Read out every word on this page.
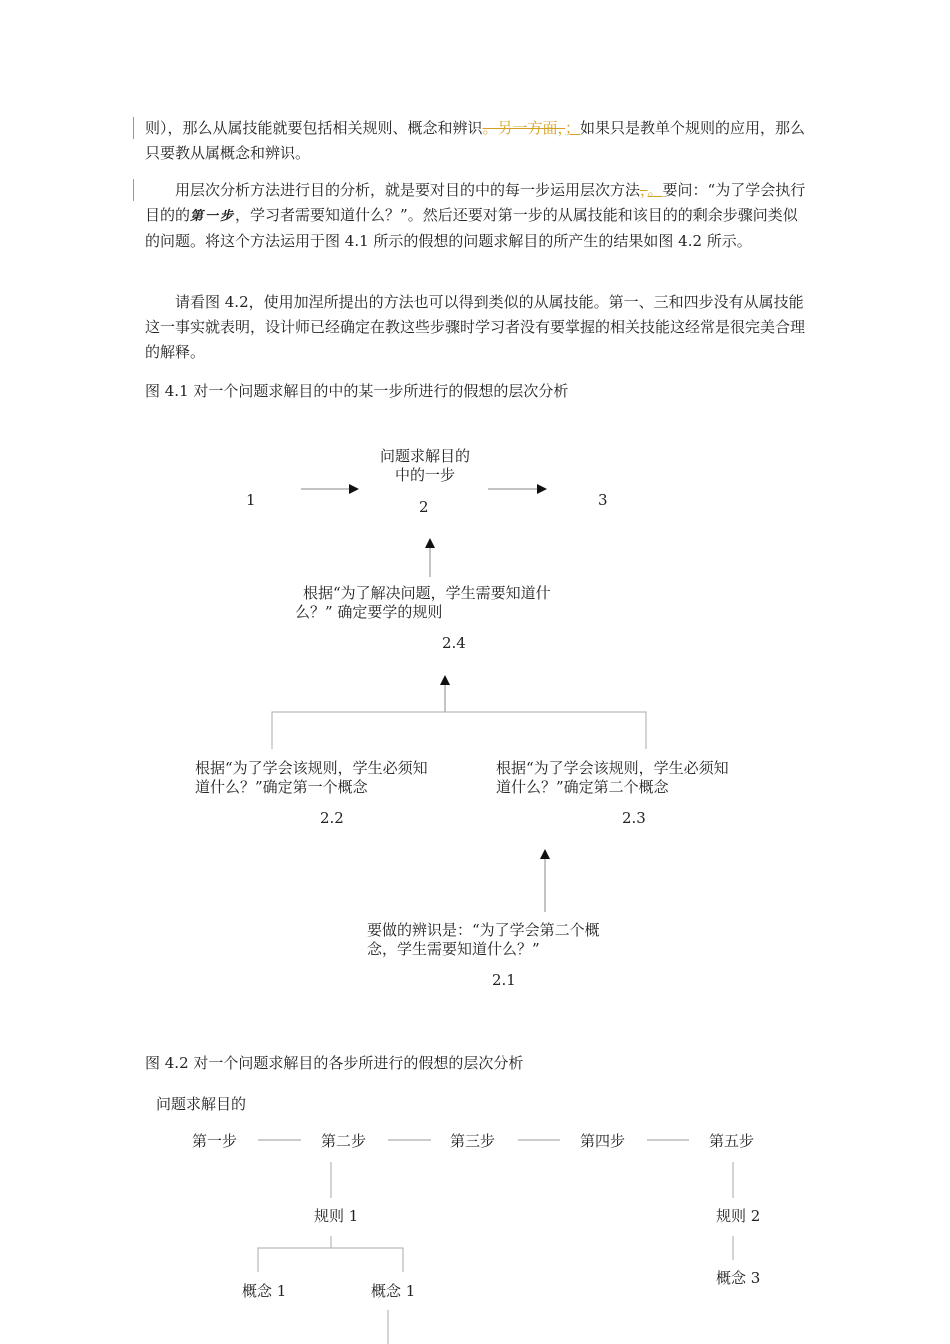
则），那么从属技能就要包括相关规则、概念和辨识。另一方面，；如果只是教单个规则的应用，那么只要教从属概念和辨识。

用层次分析方法进行目的分析，就是要对目的中的每一步运用层次方法，。要问：“为了学会执行目的的第一步，学习者需要知道什么？”。然后还要对第一步的从属技能和该目的的剩余步骤问类似的问题。将这个方法运用于图 4.1 所示的假想的问题求解目的所产生的结果如图 4.2 所示。

请看图 4.2，使用加涅所提出的方法也可以得到类似的从属技能。第一、三和四步没有从属技能这一事实就表明，设计师已经确定在教这些步骤时学习者没有要掌握的相关技能这经常是很完美合理的解释。

图 4.1 对一个问题求解目的中的某一步所进行的假想的层次分析
1
问题求解目的
中的一步
2	3
根据“为了解决问题，学生需要知道什
么？” 确定要学的规则
2.4
根据“为了学会该规则，学生必须知
道什么？”确定第一个概念
2.2
根据“为了学会该规则，学生必须知
道什么？”确定第二个概念
2.3
要做的辨识是：“为了学会第二个概
念，学生需要知道什么？”
2.1
图 4.2 对一个问题求解目的各步所进行的假想的层次分析
问题求解目的
第一步	第二步	第三步	第四步	第五步
规则 1	规则 2
概念 1	概念 1
概念 3
